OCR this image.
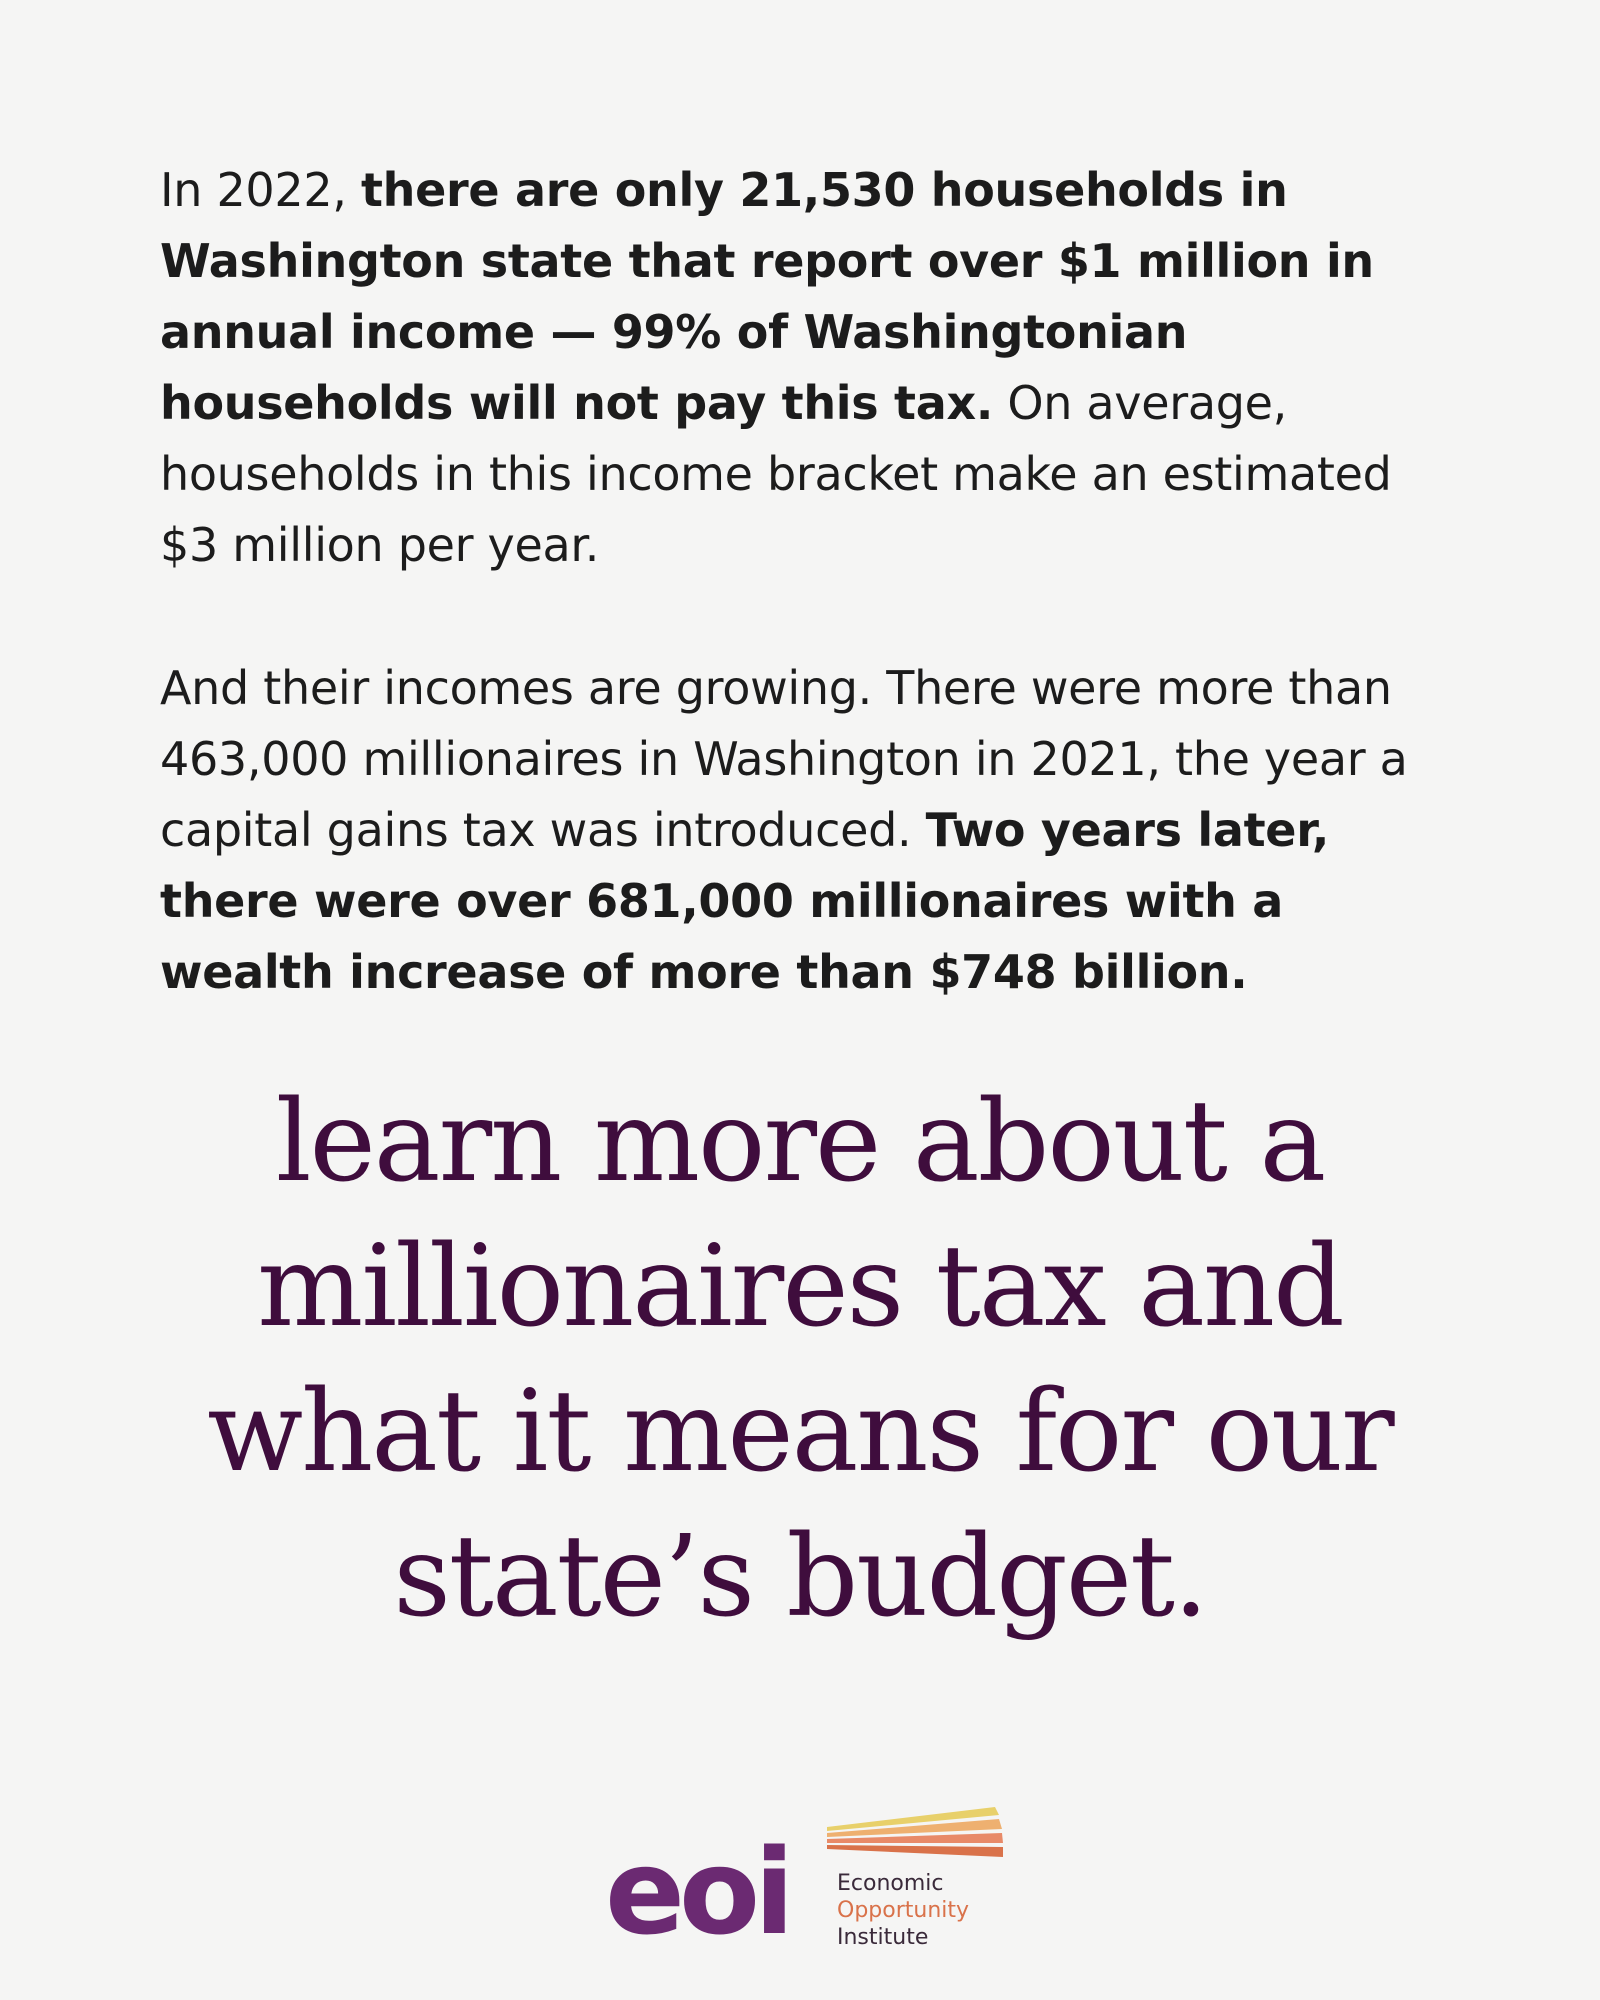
In 2022, there are only 21,530 households in Washington state that report over $1 million in annual income — 99% of Washingtonian households will not pay this tax. On average, households in this income bracket make an estimated $3 million per year.
And their incomes are growing. There were more than 463,000 millionaires in Washington in 2021, the year a capital gains tax was introduced. Two years later, there were over 681,000 millionaires with a wealth increase of more than $748 billion.
learn more about a
millionaires tax and
what it means for our
state’s budget.
eoi Economic
Opportunity
Institute
